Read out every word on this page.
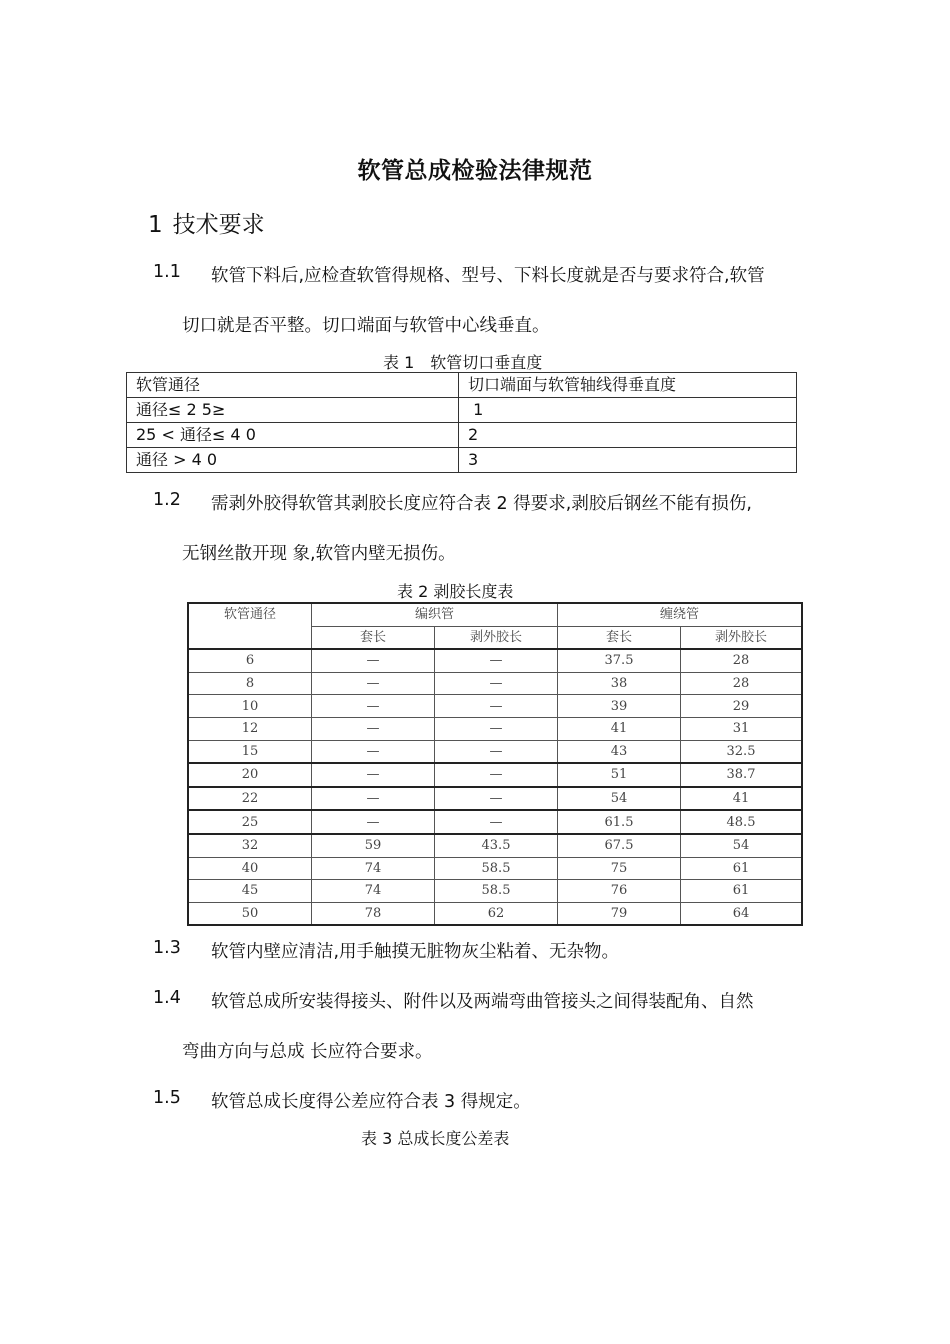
软管总成检验法律规范
1 技术要求
1.1 软管下料后,应检查软管得规格、型号、下料长度就是否与要求符合,软管
切口就是否平整。切口端面与软管中心线垂直。
表 1　软管切口垂直度
软管通径	切口端面与软管轴线得垂直度
通径≤ 2 5≥	1
25 < 通径≤ 4 0	2
通径 > 4 0	3
1.2 需剥外胶得软管其剥胶长度应符合表 2 得要求,剥胶后钢丝不能有损伤,
无钢丝散开现 象,软管内壁无损伤。
表 2 剥胶长度表
软管通径	编织管		缠绕管	
	套长	剥外胶长	套长	剥外胶长
6	—	—	37.5	28
8	—	—	38	28
10	—	—	39	29
12	—	—	41	31
15	—	—	43	32.5
20	—	—	51	38.7
22	—	—	54	41
25	—	—	61.5	48.5
32	59	43.5	67.5	54
40	74	58.5	75	61
45	74	58.5	76	61
50	78	62	79	64
1.3 软管内壁应清洁,用手触摸无脏物灰尘粘着、无杂物。
1.4 软管总成所安装得接头、附件以及两端弯曲管接头之间得装配角、自然
弯曲方向与总成 长应符合要求。
1.5 软管总成长度得公差应符合表 3 得规定。
表 3 总成长度公差表
